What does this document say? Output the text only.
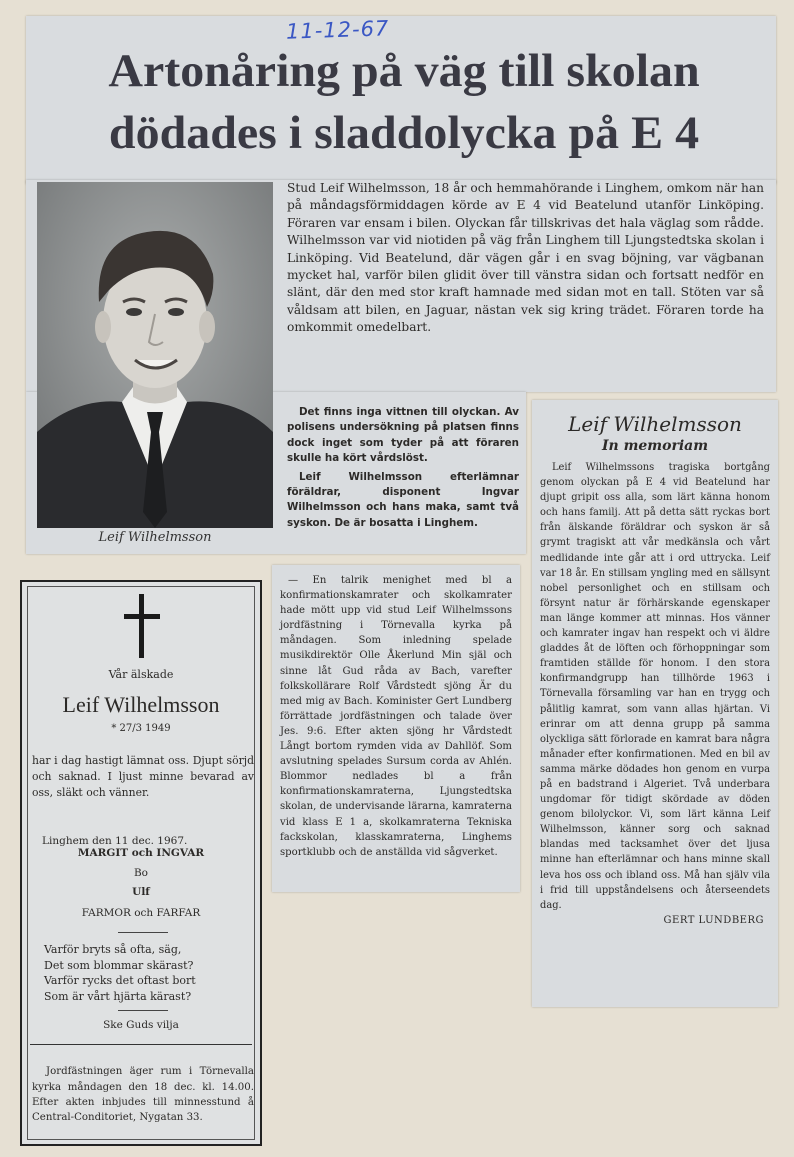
11-12-67
Artonåring på väg till skolan
dödades i sladdolycka på E 4
Leif Wilhelmsson

Stud Leif Wilhelmsson, 18 år och hemmahörande i Linghem, omkom när han på måndagsförmiddagen körde av E 4 vid Beatelund utanför Linköping. Föraren var ensam i bilen. Olyckan får tillskrivas det hala väglag som rådde. Wilhelmsson var vid niotiden på väg från Linghem till Ljungstedtska skolan i Linköping. Vid Beatelund, där vägen går i en svag böjning, var vägbanan mycket hal, varför bilen glidit över till vänstra sidan och fortsatt nedför en slänt, där den med stor kraft hamnade med sidan mot en tall. Stöten var så våldsam att bilen, en Jaguar, nästan vek sig kring trädet. Föraren torde ha omkommit omedelbart.

Det finns inga vittnen till olyckan. Av polisens undersökning på platsen finns dock inget som tyder på att föraren skulle ha kört vårdslöst.

Leif Wilhelmsson efterlämnar föräldrar, disponent Ingvar Wilhelmsson och hans maka, samt två syskon. De är bosatta i Linghem.

Leif Wilhelmsson

In memoriam

Leif Wilhelmssons tragiska bortgång genom olyckan på E 4 vid Beatelund har djupt gripit oss alla, som lärt känna honom och hans familj. Att på detta sätt ryckas bort från älskande föräldrar och syskon är så grymt tragiskt att vår medkänsla och vårt medlidande inte går att i ord uttrycka. Leif var 18 år. En stillsam yngling med en sällsynt nobel personlighet och en stillsam och försynt natur är förhärskande egenskaper man länge kommer att minnas. Hos vänner och kamrater ingav han respekt och vi äldre gladdes åt de löften och förhoppningar som framtiden ställde för honom. I den stora konfirmandgrupp han tillhörde 1963 i Törnevalla församling var han en trygg och pålitlig kamrat, som vann allas hjärtan. Vi erinrar om att denna grupp på samma olyckliga sätt förlorade en kamrat bara några månader efter konfirmationen. Med en bil av samma märke dödades hon genom en vurpa på en badstrand i Algeriet. Två underbara ungdomar för tidigt skördade av döden genom bilolyckor. Vi, som lärt känna Leif Wilhelmsson, känner sorg och saknad blandas med tacksamhet över det ljusa minne han efterlämnar och hans minne skall leva hos oss och ibland oss. Må han själv vila i frid till uppståndelsens och återseendets dag.

GERT LUNDBERG

— En talrik menighet med bl a konfirmationskamrater och skolkamrater hade mött upp vid stud Leif Wilhelmssons jordfästning i Törnevalla kyrka på måndagen. Som inledning spelade musikdirektör Olle Åkerlund Min själ och sinne låt Gud råda av Bach, varefter folkskollärare Rolf Vårdstedt sjöng Är du med mig av Bach. Kominister Gert Lundberg förrättade jordfästningen och talade över Jes. 9:6. Efter akten sjöng hr Vårdstedt Långt bortom rymden vida av Dahllöf. Som avslutning spelades Sursum corda av Ahlén. Blommor nedlades bl a från konfirmationskamraterna, Ljungstedtska skolan, de undervisande lärarna, kamraterna vid klass E 1 a, skolkamraterna Tekniska fackskolan, klasskamraterna, Linghems sportklubb och de anställda vid sågverket.

Vår älskade

Leif Wilhelmsson

* 27/3 1949

har i dag hastigt lämnat oss. Djupt sörjd och saknad. I ljust minne bevarad av oss, släkt och vänner.

Linghem den 11 dec. 1967.

MARGIT och INGVAR

Bo

Ulf

FARMOR och FARFAR

Varför bryts så ofta, säg,
Det som blommar skärast?
Varför rycks det oftast bort
Som är vårt hjärta kärast?

Ske Guds vilja

Jordfästningen äger rum i Törnevalla kyrka måndagen den 18 dec. kl. 14.00. Efter akten inbjudes till minnesstund å Central-Conditoriet, Nygatan 33.
